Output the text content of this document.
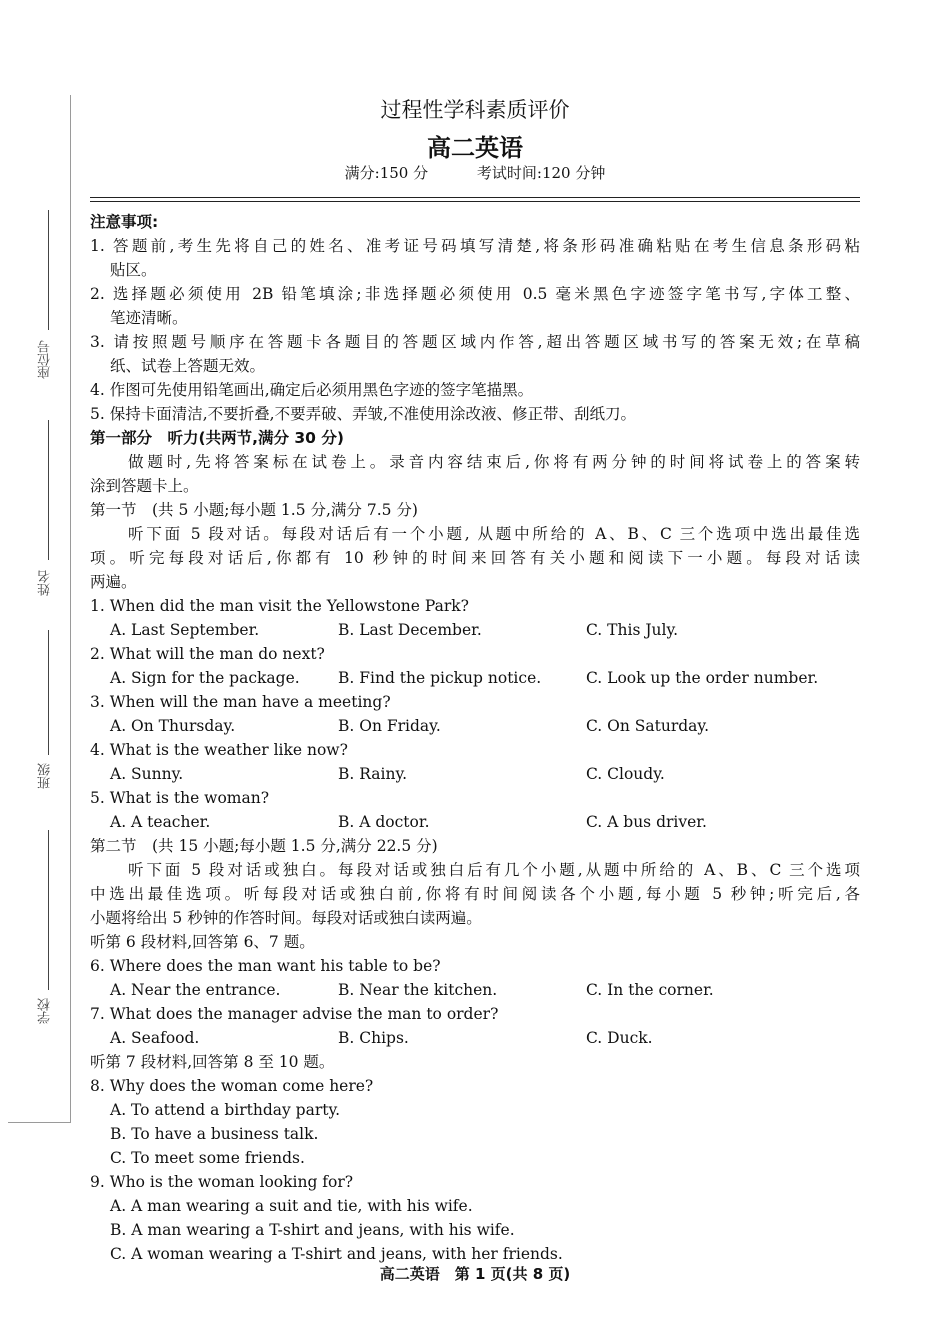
座位号
姓名
班级
学校
过程性学科素质评价
高二英语
满分:150 分	考试时间:120 分钟
注意事项:
1. 答题前,考生先将自己的姓名、准考证号码填写清楚,将条形码准确粘贴在考生信息条形码粘
贴区。
2. 选择题必须使用 2B 铅笔填涂;非选择题必须使用 0.5 毫米黑色字迹签字笔书写,字体工整、
笔迹清晰。
3. 请按照题号顺序在答题卡各题目的答题区域内作答,超出答题区域书写的答案无效;在草稿
纸、试卷上答题无效。
4. 作图可先使用铅笔画出,确定后必须用黑色字迹的签字笔描黑。
5. 保持卡面清洁,不要折叠,不要弄破、弄皱,不准使用涂改液、修正带、刮纸刀。
第一部分　听力(共两节,满分 30 分)
做题时,先将答案标在试卷上。录音内容结束后,你将有两分钟的时间将试卷上的答案转
涂到答题卡上。
第一节　(共 5 小题;每小题 1.5 分,满分 7.5 分)
听下面 5 段对话。每段对话后有一个小题, 从题中所给的 A、B、C 三个选项中选出最佳选
项。听完每段对话后,你都有 10 秒钟的时间来回答有关小题和阅读下一小题。每段对话读
两遍。
1. When did the man visit the Yellowstone Park?
A. Last September.	B. Last December.	C. This July.
2. What will the man do next?
A. Sign for the package.	B. Find the pickup notice.	C. Look up the order number.
3. When will the man have a meeting?
A. On Thursday.	B. On Friday.	C. On Saturday.
4. What is the weather like now?
A. Sunny.	B. Rainy.	C. Cloudy.
5. What is the woman?
A. A teacher.	B. A doctor.	C. A bus driver.
第二节　(共 15 小题;每小题 1.5 分,满分 22.5 分)
听下面 5 段对话或独白。每段对话或独白后有几个小题,从题中所给的 A、B、C 三个选项
中选出最佳选项。听每段对话或独白前,你将有时间阅读各个小题,每小题 5 秒钟;听完后,各
小题将给出 5 秒钟的作答时间。每段对话或独白读两遍。
听第 6 段材料,回答第 6、7 题。
6. Where does the man want his table to be?
A. Near the entrance.	B. Near the kitchen.	C. In the corner.
7. What does the manager advise the man to order?
A. Seafood.	B. Chips.	C. Duck.
听第 7 段材料,回答第 8 至 10 题。
8. Why does the woman come here?
A. To attend a birthday party.
B. To have a business talk.
C. To meet some friends.
9. Who is the woman looking for?
A. A man wearing a suit and tie, with his wife.
B. A man wearing a T-shirt and jeans, with his wife.
C. A woman wearing a T-shirt and jeans, with her friends.
高二英语　第 1 页(共 8 页)
